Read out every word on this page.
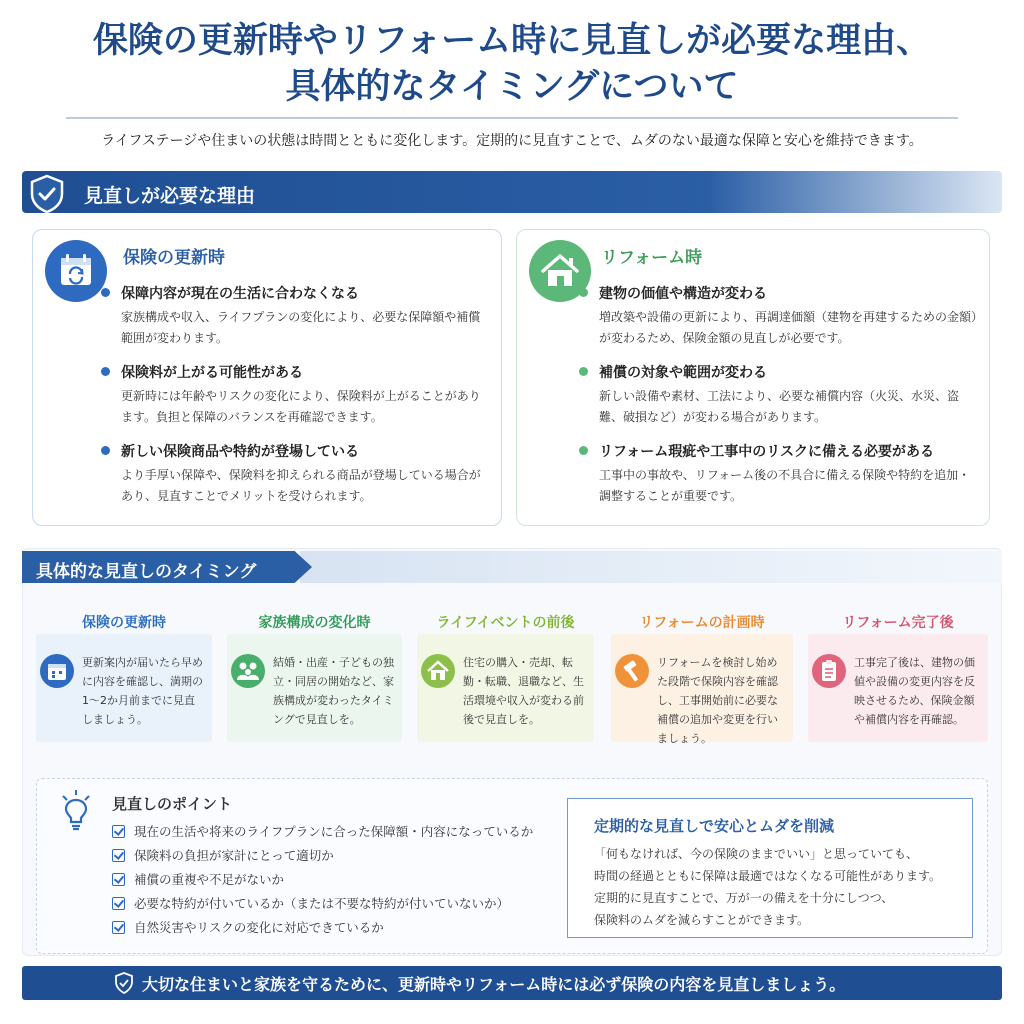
保険の更新時やリフォーム時に見直しが必要な理由、
具体的なタイミングについて
ライフステージや住まいの状態は時間とともに変化します。定期的に見直すことで、ムダのない最適な保障と安心を維持できます。
見直しが必要な理由
保険の更新時
保障内容が現在の生活に合わなくなる
家族構成や収入、ライフプランの変化により、必要な保障額や補償範囲が変わります。
保険料が上がる可能性がある
更新時には年齢やリスクの変化により、保険料が上がることがあります。負担と保障のバランスを再確認できます。
新しい保険商品や特約が登場している
より手厚い保障や、保険料を抑えられる商品が登場している場合があり、見直すことでメリットを受けられます。
リフォーム時
建物の価値や構造が変わる
増改築や設備の更新により、再調達価額（建物を再建するための金額）が変わるため、保険金額の見直しが必要です。
補償の対象や範囲が変わる
新しい設備や素材、工法により、必要な補償内容（火災、水災、盗難、破損など）が変わる場合があります。
リフォーム瑕疵や工事中のリスクに備える必要がある
工事中の事故や、リフォーム後の不具合に備える保険や特約を追加・調整することが重要です。
具体的な見直しのタイミング
保険の更新時
更新案内が届いたら早めに内容を確認し、満期の1〜2か月前までに見直しましょう。
家族構成の変化時
結婚・出産・子どもの独立・同居の開始など、家族構成が変わったタイミングで見直しを。
ライフイベントの前後
住宅の購入・売却、転勤・転職、退職など、生活環境や収入が変わる前後で見直しを。
リフォームの計画時
リフォームを検討し始めた段階で保険内容を確認し、工事開始前に必要な補償の追加や変更を行いましょう。
リフォーム完了後
工事完了後は、建物の価値や設備の変更内容を反映させるため、保険金額や補償内容を再確認。
見直しのポイント
現在の生活や将来のライフプランに合った保障額・内容になっているか
保険料の負担が家計にとって適切か
補償の重複や不足がないか
必要な特約が付いているか（または不要な特約が付いていないか）
自然災害やリスクの変化に対応できているか
定期的な見直しで安心とムダを削減
「何もなければ、今の保険のままでいい」と思っていても、
時間の経過とともに保障は最適ではなくなる可能性があります。
定期的に見直すことで、万が一の備えを十分にしつつ、
保険料のムダを減らすことができます。
大切な住まいと家族を守るために、更新時やリフォーム時には必ず保険の内容を見直しましょう。
